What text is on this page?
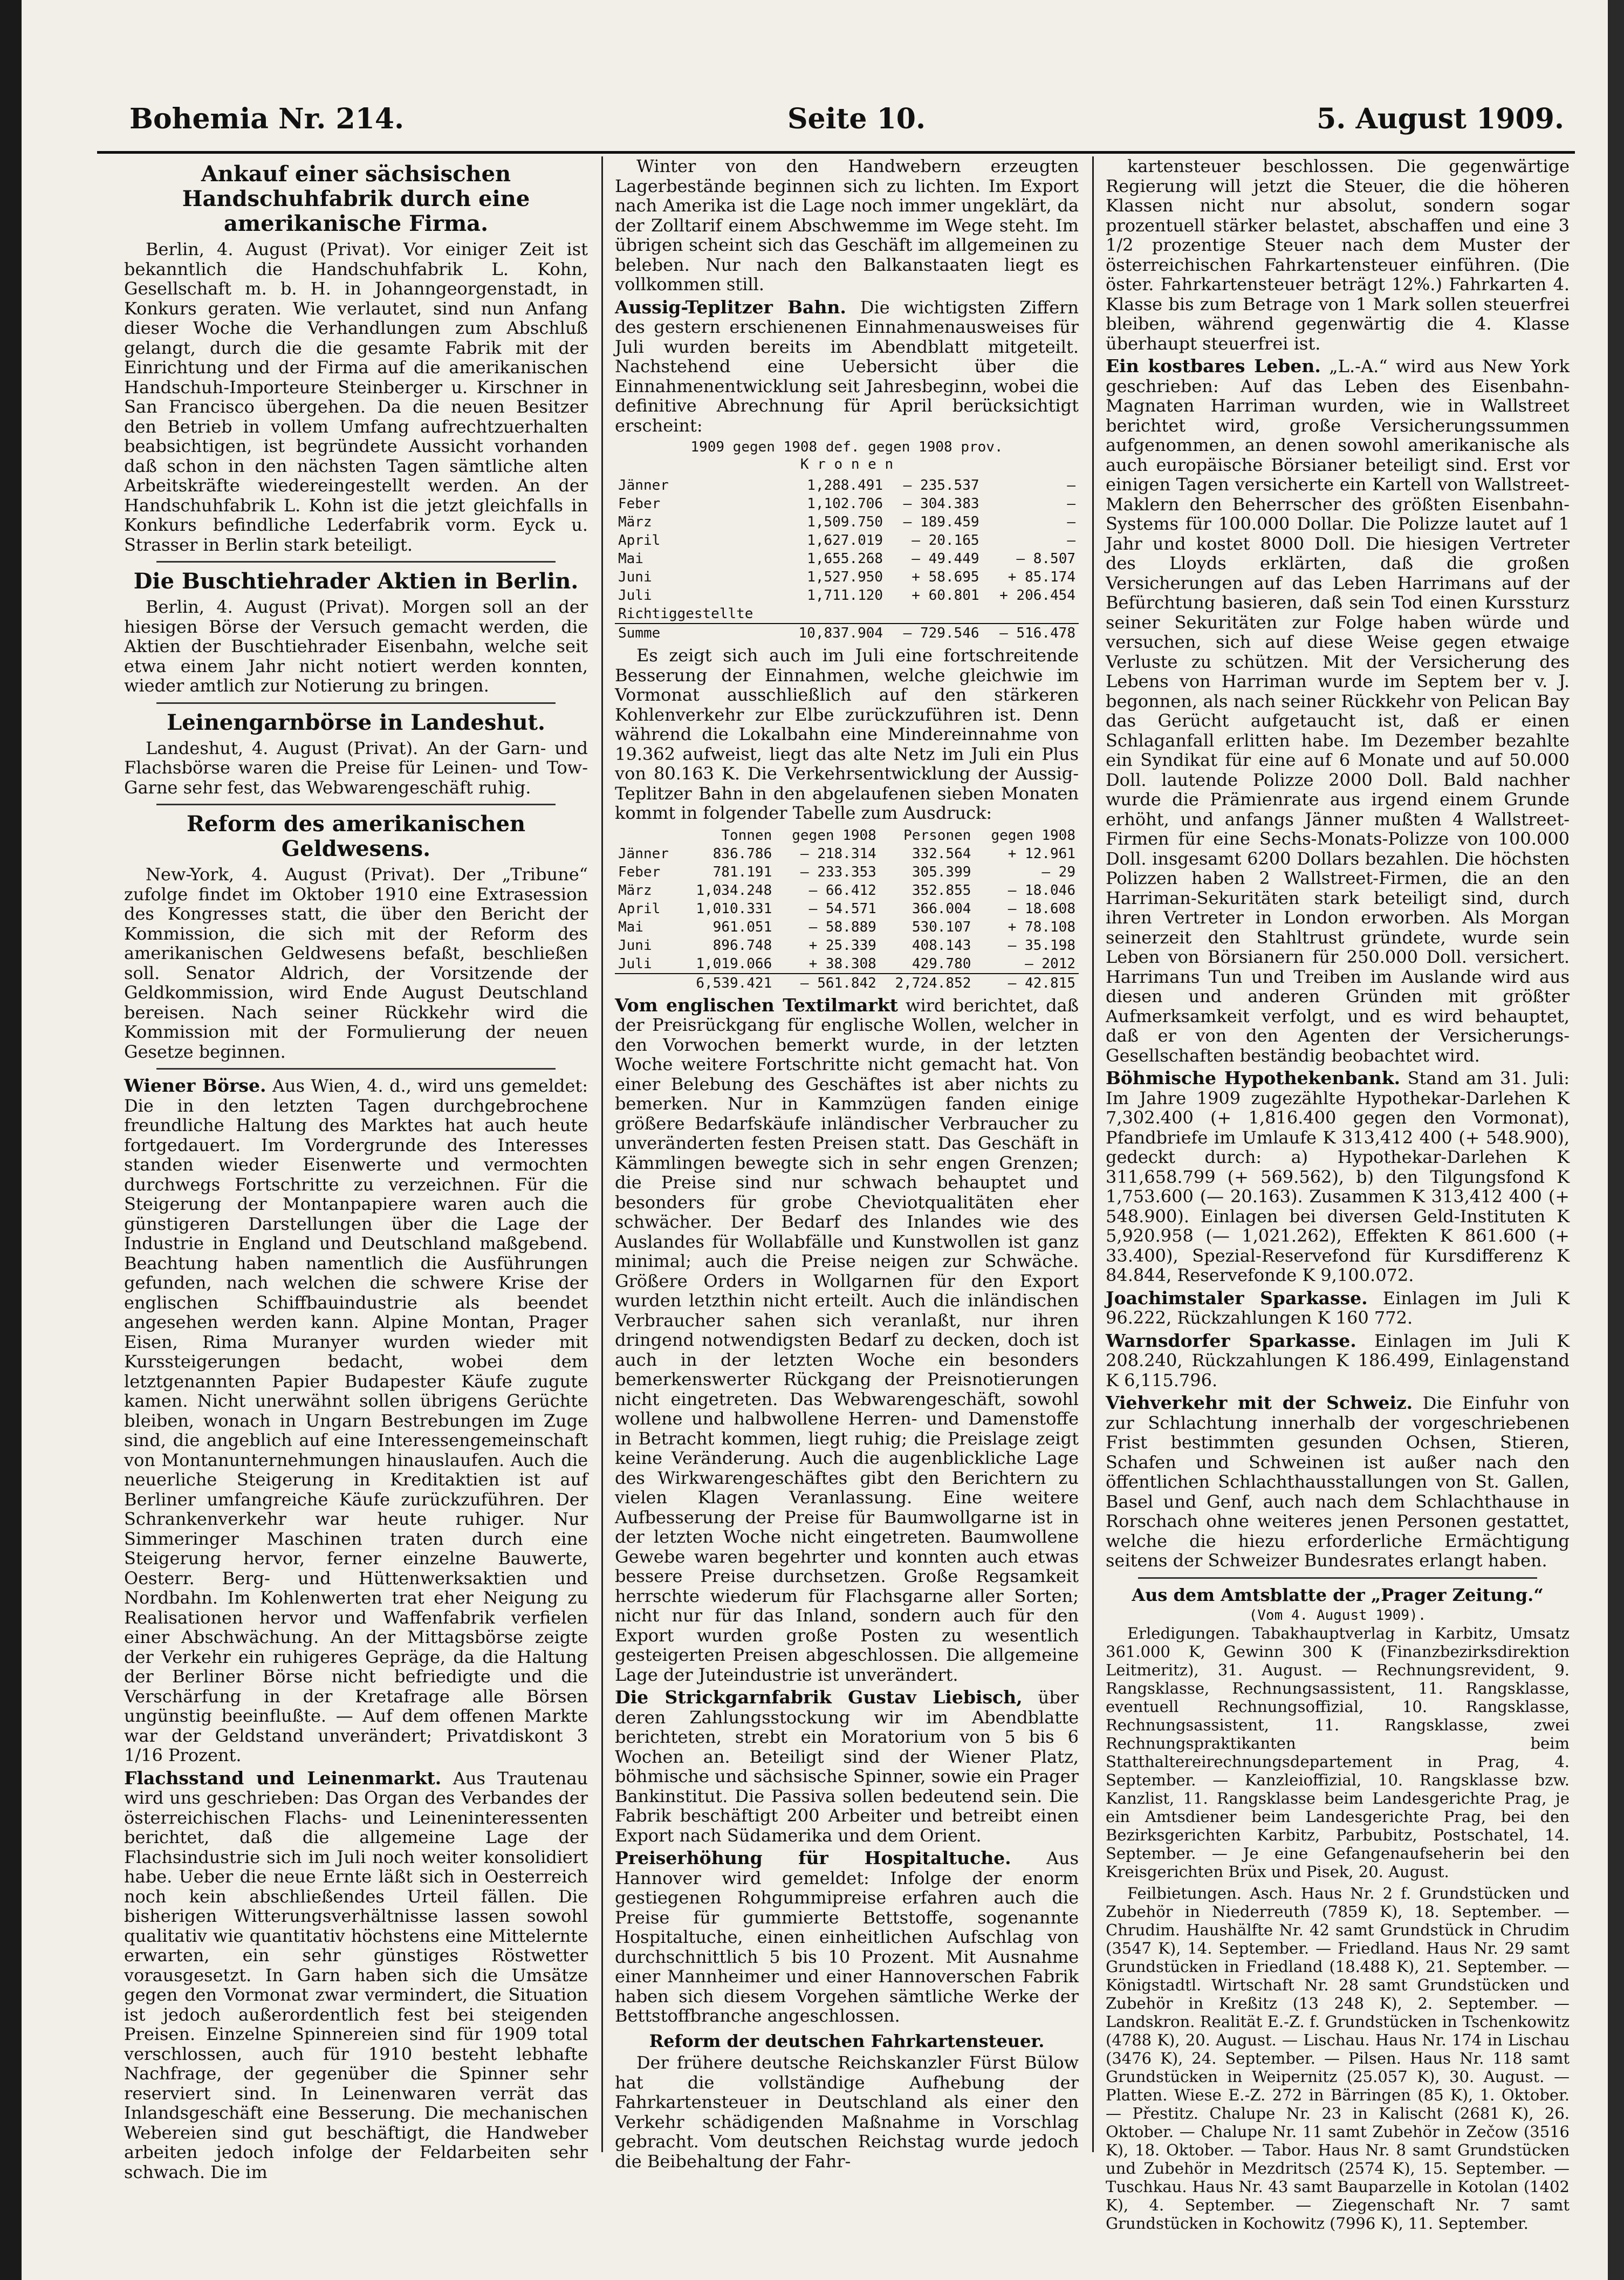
Bohemia Nr. 214.	Seite 10.	5. August 1909.
Ankauf einer sächsischen Handschuhfabrik durch eine amerikanische Firma.

Berlin, 4. August (Privat). Vor einiger Zeit ist bekanntlich die Handschuhfabrik L. Kohn, Gesellschaft m. b. H. in Johanngeorgenstadt, in Konkurs geraten. Wie verlautet, sind nun Anfang dieser Woche die Verhandlungen zum Abschluß gelangt, durch die die gesamte Fabrik mit der Einrichtung und der Firma auf die amerikanischen Handschuh-Importeure Steinberger u. Kirschner in San Francisco übergehen. Da die neuen Besitzer den Betrieb in vollem Umfang aufrechtzuerhalten beabsichtigen, ist begründete Aussicht vorhanden daß schon in den nächsten Tagen sämtliche alten Arbeitskräfte wiedereingestellt werden. An der Handschuhfabrik L. Kohn ist die jetzt gleichfalls in Konkurs befindliche Lederfabrik vorm. Eyck u. Strasser in Berlin stark beteiligt.

Die Buschtiehrader Aktien in Berlin.

Berlin, 4. August (Privat). Morgen soll an der hiesigen Börse der Versuch gemacht werden, die Aktien der Buschtiehrader Eisenbahn, welche seit etwa einem Jahr nicht notiert werden konnten, wieder amtlich zur Notierung zu bringen.

Leinengarnbörse in Landeshut.

Landeshut, 4. August (Privat). An der Garn- und Flachsbörse waren die Preise für Leinen- und Tow-Garne sehr fest, das Webwarengeschäft ruhig.

Reform des amerikanischen Geldwesens.

New-York, 4. August (Privat). Der „Tribune“ zufolge findet im Oktober 1910 eine Extrasession des Kongresses statt, die über den Bericht der Kommission, die sich mit der Reform des amerikanischen Geldwesens befaßt, beschließen soll. Senator Aldrich, der Vorsitzende der Geldkommission, wird Ende August Deutschland bereisen. Nach seiner Rückkehr wird die Kommission mit der Formulierung der neuen Gesetze beginnen.

Wiener Börse. Aus Wien, 4. d., wird uns gemeldet: Die in den letzten Tagen durchgebrochene freundliche Haltung des Marktes hat auch heute fortgedauert. Im Vordergrunde des Interesses standen wieder Eisenwerte und vermochten durchwegs Fortschritte zu verzeichnen. Für die Steigerung der Montanpapiere waren auch die günstigeren Darstellungen über die Lage der Industrie in England und Deutschland maßgebend. Beachtung haben namentlich die Ausführungen gefunden, nach welchen die schwere Krise der englischen Schiffbauindustrie als beendet angesehen werden kann. Alpine Montan, Prager Eisen, Rima Muranyer wurden wieder mit Kurssteigerungen bedacht, wobei dem letztgenannten Papier Budapester Käufe zugute kamen. Nicht unerwähnt sollen übrigens Gerüchte bleiben, wonach in Ungarn Bestrebungen im Zuge sind, die angeblich auf eine Interessengemeinschaft von Montanunternehmungen hinauslaufen. Auch die neuerliche Steigerung in Kreditaktien ist auf Berliner umfangreiche Käufe zurückzuführen. Der Schrankenverkehr war heute ruhiger. Nur Simmeringer Maschinen traten durch eine Steigerung hervor, ferner einzelne Bauwerte, Oesterr. Berg- und Hüttenwerksaktien und Nordbahn. Im Kohlenwerten trat eher Neigung zu Realisationen hervor und Waffenfabrik verfielen einer Abschwächung. An der Mittagsbörse zeigte der Verkehr ein ruhigeres Gepräge, da die Haltung der Berliner Börse nicht befriedigte und die Verschärfung in der Kretafrage alle Börsen ungünstig beeinflußte. — Auf dem offenen Markte war der Geldstand unverändert; Privatdiskont 3 1/16 Prozent.

Flachsstand und Leinenmarkt. Aus Trautenau wird uns geschrieben: Das Organ des Verbandes der österreichischen Flachs- und Leineninteressenten berichtet, daß die allgemeine Lage der Flachsindustrie sich im Juli noch weiter konsolidiert habe. Ueber die neue Ernte läßt sich in Oesterreich noch kein abschließendes Urteil fällen. Die bisherigen Witterungsverhältnisse lassen sowohl qualitativ wie quantitativ höchstens eine Mittelernte erwarten, ein sehr günstiges Röstwetter vorausgesetzt. In Garn haben sich die Umsätze gegen den Vormonat zwar vermindert, die Situation ist jedoch außerordentlich fest bei steigenden Preisen. Einzelne Spinnereien sind für 1909 total verschlossen, auch für 1910 besteht lebhafte Nachfrage, der gegenüber die Spinner sehr reserviert sind. In Leinenwaren verrät das Inlandsgeschäft eine Besserung. Die mechanischen Webereien sind gut beschäftigt, die Handweber arbeiten jedoch infolge der Feldarbeiten sehr schwach. Die im

Winter von den Handwebern erzeugten Lagerbestände beginnen sich zu lichten. Im Export nach Amerika ist die Lage noch immer ungeklärt, da der Zolltarif einem Abschwemme im Wege steht. Im übrigen scheint sich das Geschäft im allgemeinen zu beleben. Nur nach den Balkanstaaten liegt es vollkommen still.

Aussig-Teplitzer Bahn. Die wichtigsten Ziffern des gestern erschienenen Einnahmenausweises für Juli wurden bereits im Abendblatt mitgeteilt. Nachstehend eine Uebersicht über die Einnahmenentwicklung seit Jahresbeginn, wobei die definitive Abrechnung für April berücksichtigt erscheint:

1909 gegen 1908 def. gegen 1908 prov.
K r o n e n
Jänner	1,288.491	— 235.537	—
Feber	1,102.706	— 304.383	—
März	1,509.750	— 189.459	—
April	1,627.019	— 20.165	—
Mai	1,655.268	— 49.449	— 8.507
Juni	1,527.950	+ 58.695	+ 85.174
Juli	1,711.120	+ 60.801	+ 206.454
Richtiggestellte			
Summe	10,837.904	— 729.546	— 516.478

Es zeigt sich auch im Juli eine fortschreitende Besserung der Einnahmen, welche gleichwie im Vormonat ausschließlich auf den stärkeren Kohlenverkehr zur Elbe zurückzuführen ist. Denn während die Lokalbahn eine Mindereinnahme von 19.362 aufweist, liegt das alte Netz im Juli ein Plus von 80.163 K. Die Verkehrsentwicklung der Aussig-Teplitzer Bahn in den abgelaufenen sieben Monaten kommt in folgender Tabelle zum Ausdruck:

	Tonnen	gegen 1908	Personen	gegen 1908
Jänner	836.786	— 218.314	332.564	+ 12.961
Feber	781.191	— 233.353	305.399	— 29
März	1,034.248	— 66.412	352.855	— 18.046
April	1,010.331	— 54.571	366.004	— 18.608
Mai	961.051	— 58.889	530.107	+ 78.108
Juni	896.748	+ 25.339	408.143	— 35.198
Juli	1,019.066	+ 38.308	429.780	— 2012
	6,539.421	— 561.842	2,724.852	— 42.815

Vom englischen Textilmarkt wird berichtet, daß der Preisrückgang für englische Wollen, welcher in den Vorwochen bemerkt wurde, in der letzten Woche weitere Fortschritte nicht gemacht hat. Von einer Belebung des Geschäftes ist aber nichts zu bemerken. Nur in Kammzügen fanden einige größere Bedarfskäufe inländischer Verbraucher zu unveränderten festen Preisen statt. Das Geschäft in Kämmlingen bewegte sich in sehr engen Grenzen; die Preise sind nur schwach behauptet und besonders für grobe Cheviotqualitäten eher schwächer. Der Bedarf des Inlandes wie des Auslandes für Wollabfälle und Kunstwollen ist ganz minimal; auch die Preise neigen zur Schwäche. Größere Orders in Wollgarnen für den Export wurden letzthin nicht erteilt. Auch die inländischen Verbraucher sahen sich veranlaßt, nur ihren dringend notwendigsten Bedarf zu decken, doch ist auch in der letzten Woche ein besonders bemerkenswerter Rückgang der Preisnotierungen nicht eingetreten. Das Webwarengeschäft, sowohl wollene und halbwollene Herren- und Damenstoffe in Betracht kommen, liegt ruhig; die Preislage zeigt keine Veränderung. Auch die augenblickliche Lage des Wirkwarengeschäftes gibt den Berichtern zu vielen Klagen Veranlassung. Eine weitere Aufbesserung der Preise für Baumwollgarne ist in der letzten Woche nicht eingetreten. Baumwollene Gewebe waren begehrter und konnten auch etwas bessere Preise durchsetzen. Große Regsamkeit herrschte wiederum für Flachsgarne aller Sorten; nicht nur für das Inland, sondern auch für den Export wurden große Posten zu wesentlich gesteigerten Preisen abgeschlossen. Die allgemeine Lage der Juteindustrie ist unverändert.

Die Strickgarnfabrik Gustav Liebisch, über deren Zahlungsstockung wir im Abendblatte berichteten, strebt ein Moratorium von 5 bis 6 Wochen an. Beteiligt sind der Wiener Platz, böhmische und sächsische Spinner, sowie ein Prager Bankinstitut. Die Passiva sollen bedeutend sein. Die Fabrik beschäftigt 200 Arbeiter und betreibt einen Export nach Südamerika und dem Orient.

Preiserhöhung für Hospitaltuche. Aus Hannover wird gemeldet: Infolge der enorm gestiegenen Rohgummipreise erfahren auch die Preise für gummierte Bettstoffe, sogenannte Hospitaltuche, einen einheitlichen Aufschlag von durchschnittlich 5 bis 10 Prozent. Mit Ausnahme einer Mannheimer und einer Hannoverschen Fabrik haben sich diesem Vorgehen sämtliche Werke der Bettstoffbranche angeschlossen.

Reform der deutschen Fahrkartensteuer.

Der frühere deutsche Reichskanzler Fürst Bülow hat die vollständige Aufhebung der Fahrkartensteuer in Deutschland als einer den Verkehr schädigenden Maßnahme in Vorschlag gebracht. Vom deutschen Reichstag wurde jedoch die Beibehaltung der Fahr-

kartensteuer beschlossen. Die gegenwärtige Regierung will jetzt die Steuer, die die höheren Klassen nicht nur absolut, sondern sogar prozentuell stärker belastet, abschaffen und eine 3 1/2 prozentige Steuer nach dem Muster der österreichischen Fahrkartensteuer einführen. (Die öster. Fahrkartensteuer beträgt 12%.) Fahrkarten 4. Klasse bis zum Betrage von 1 Mark sollen steuerfrei bleiben, während gegenwärtig die 4. Klasse überhaupt steuerfrei ist.

Ein kostbares Leben. „L.-A.“ wird aus New York geschrieben: Auf das Leben des Eisenbahn-Magnaten Harriman wurden, wie in Wallstreet berichtet wird, große Versicherungssummen aufgenommen, an denen sowohl amerikanische als auch europäische Börsianer beteiligt sind. Erst vor einigen Tagen versicherte ein Kartell von Wallstreet-Maklern den Beherrscher des größten Eisenbahn-Systems für 100.000 Dollar. Die Polizze lautet auf 1 Jahr und kostet 8000 Doll. Die hiesigen Vertreter des Lloyds erklärten, daß die großen Versicherungen auf das Leben Harrimans auf der Befürchtung basieren, daß sein Tod einen Kurssturz seiner Sekuritäten zur Folge haben würde und versuchen, sich auf diese Weise gegen etwaige Verluste zu schützen. Mit der Versicherung des Lebens von Harriman wurde im Septem ber v. J. begonnen, als nach seiner Rückkehr von Pelican Bay das Gerücht aufgetaucht ist, daß er einen Schlaganfall erlitten habe. Im Dezember bezahlte ein Syndikat für eine auf 6 Monate und auf 50.000 Doll. lautende Polizze 2000 Doll. Bald nachher wurde die Prämienrate aus irgend einem Grunde erhöht, und anfangs Jänner mußten 4 Wallstreet-Firmen für eine Sechs-Monats-Polizze von 100.000 Doll. insgesamt 6200 Dollars bezahlen. Die höchsten Polizzen haben 2 Wallstreet-Firmen, die an den Harriman-Sekuritäten stark beteiligt sind, durch ihren Vertreter in London erworben. Als Morgan seinerzeit den Stahltrust gründete, wurde sein Leben von Börsianern für 250.000 Doll. versichert. Harrimans Tun und Treiben im Auslande wird aus diesen und anderen Gründen mit größter Aufmerksamkeit verfolgt, und es wird behauptet, daß er von den Agenten der Versicherungs-Gesellschaften beständig beobachtet wird.

Böhmische Hypothekenbank. Stand am 31. Juli: Im Jahre 1909 zugezählte Hypothekar-Darlehen K 7,302.400 (+ 1,816.400 gegen den Vormonat), Pfandbriefe im Umlaufe K 313,412 400 (+ 548.900), gedeckt durch: a) Hypothekar-Darlehen K 311,658.799 (+ 569.562), b) den Tilgungsfond K 1,753.600 (— 20.163). Zusammen K 313,412 400 (+ 548.900). Einlagen bei diversen Geld-Instituten K 5,920.958 (— 1,021.262), Effekten K 861.600 (+ 33.400), Spezial-Reservefond für Kursdifferenz K 84.844, Reservefonde K 9,100.072.

Joachimstaler Sparkasse. Einlagen im Juli K 96.222, Rückzahlungen K 160 772.

Warnsdorfer Sparkasse. Einlagen im Juli K 208.240, Rückzahlungen K 186.499, Einlagenstand K 6,115.796.

Viehverkehr mit der Schweiz. Die Einfuhr von zur Schlachtung innerhalb der vorgeschriebenen Frist bestimmten gesunden Ochsen, Stieren, Schafen und Schweinen ist außer nach den öffentlichen Schlachthausstallungen von St. Gallen, Basel und Genf, auch nach dem Schlachthause in Rorschach ohne weiteres jenen Personen gestattet, welche die hiezu erforderliche Ermächtigung seitens der Schweizer Bundesrates erlangt haben.

Aus dem Amtsblatte der „Prager Zeitung.“
(Vom 4. August 1909).

Erledigungen. Tabakhauptverlag in Karbitz, Umsatz 361.000 K, Gewinn 300 K (Finanzbezirksdirektion Leitmeritz), 31. August. — Rechnungsrevident, 9. Rangsklasse, Rechnungsassistent, 11. Rangsklasse, eventuell Rechnungsoffizial, 10. Rangsklasse, Rechnungsassistent, 11. Rangsklasse, zwei Rechnungspraktikanten beim Statthaltereirechnungsdepartement in Prag, 4. September. — Kanzleioffizial, 10. Rangsklasse bzw. Kanzlist, 11. Rangsklasse beim Landesgerichte Prag, je ein Amtsdiener beim Landesgerichte Prag, bei den Bezirksgerichten Karbitz, Parbubitz, Postschatel, 14. September. — Je eine Gefangenaufseherin bei den Kreisgerichten Brüx und Pisek, 20. August.

Feilbietungen. Asch. Haus Nr. 2 f. Grundstücken und Zubehör in Niederreuth (7859 K), 18. September. — Chrudim. Haushälfte Nr. 42 samt Grundstück in Chrudim (3547 K), 14. September. — Friedland. Haus Nr. 29 samt Grundstücken in Friedland (18.488 K), 21. September. — Königstadtl. Wirtschaft Nr. 28 samt Grundstücken und Zubehör in Kreßitz (13 248 K), 2. September. — Landskron. Realität E.-Z. f. Grundstücken in Tschenkowitz (4788 K), 20. August. — Lischau. Haus Nr. 174 in Lischau (3476 K), 24. September. — Pilsen. Haus Nr. 118 samt Grundstücken in Weipernitz (25.057 K), 30. August. — Platten. Wiese E.-Z. 272 in Bärringen (85 K), 1. Oktober. — Přestitz. Chalupe Nr. 23 in Kalischt (2681 K), 26. Oktober. — Chalupe Nr. 11 samt Zubehör in Zečow (3516 K), 18. Oktober. — Tabor. Haus Nr. 8 samt Grundstücken und Zubehör in Mezdritsch (2574 K), 15. September. — Tuschkau. Haus Nr. 43 samt Bauparzelle in Kotolan (1402 K), 4. September. — Ziegenschaft Nr. 7 samt Grundstücken in Kochowitz (7996 K), 11. September.
